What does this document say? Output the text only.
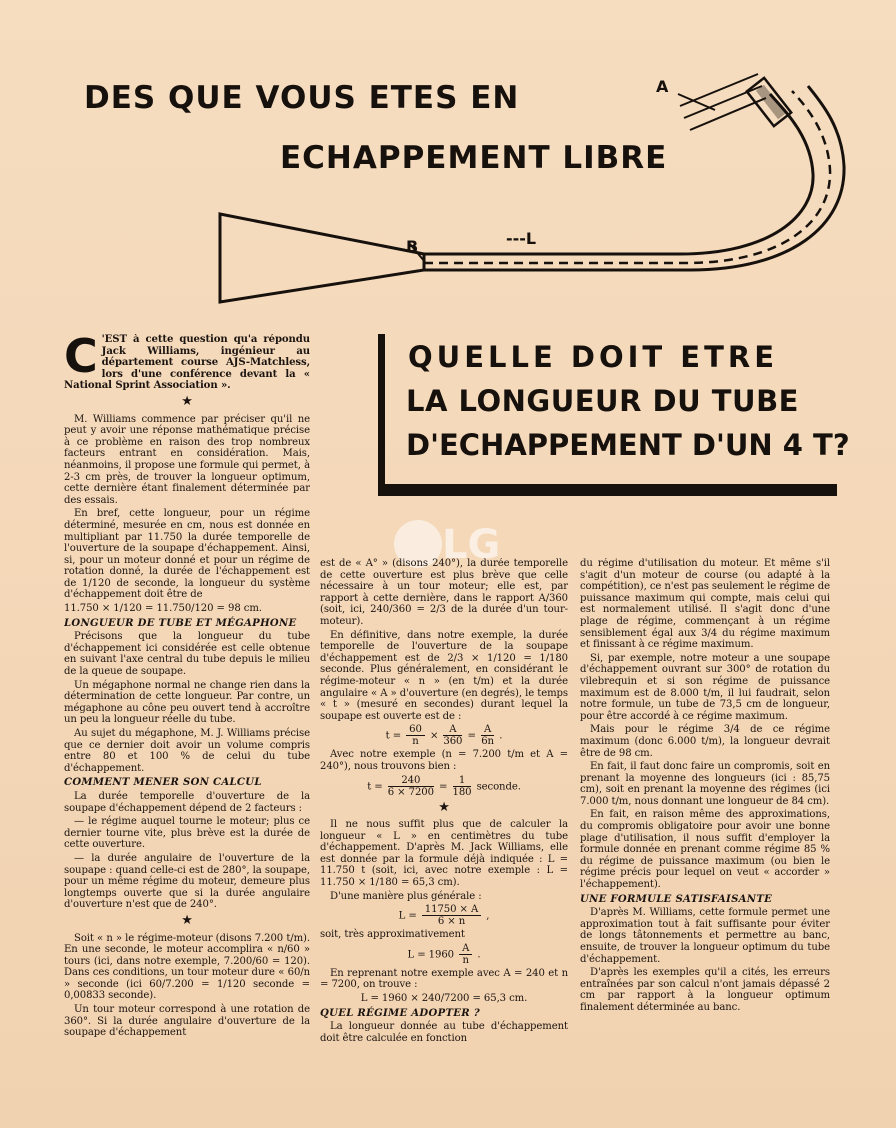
DES QUE VOUS ETES EN
ECHAPPEMENT LIBRE
A
B	---L
QUELLE DOIT ETRE
LA LONGUEUR DU TUBE
D'ECHAPPEMENT D'UN 4 T?
LG

C 'EST à cette question qu'a répondu Jack Williams, ingénieur au département course AJS-Matchless, lors d'une conférence devant la « National Sprint Association ».

★

M. Williams commence par préciser qu'il ne peut y avoir une réponse mathématique précise à ce problème en raison des trop nombreux facteurs entrant en considération. Mais, néanmoins, il propose une formule qui permet, à 2-3 cm près, de trouver la longueur optimum, cette dernière étant finalement déterminée par des essais.

En bref, cette longueur, pour un régime déterminé, mesurée en cm, nous est donnée en multipliant par 11.750 la durée temporelle de l'ouverture de la soupape d'échappement. Ainsi, si, pour un moteur donné et pour un régime de rotation donné, la durée de l'échappement est de 1/120 de seconde, la longueur du système d'échappement doit être de

11.750 × 1/120 = 11.750/120 = 98 cm.

LONGUEUR DE TUBE ET MÉGAPHONE

Précisons que la longueur du tube d'échappement ici considérée est celle obtenue en suivant l'axe central du tube depuis le milieu de la queue de soupape.

Un mégaphone normal ne change rien dans la détermination de cette longueur. Par contre, un mégaphone au cône peu ouvert tend à accroître un peu la longueur réelle du tube.

Au sujet du mégaphone, M. J. Williams précise que ce dernier doit avoir un volume compris entre 80 et 100 % de celui du tube d'échappement.

COMMENT MENER SON CALCUL

La durée temporelle d'ouverture de la soupape d'échappement dépend de 2 facteurs :

— le régime auquel tourne le moteur; plus ce dernier tourne vite, plus brève est la durée de cette ouverture.

— la durée angulaire de l'ouverture de la soupape : quand celle-ci est de 280°, la soupape, pour un même régime du moteur, demeure plus longtemps ouverte que si la durée angulaire d'ouverture n'est que de 240°.

★

Soit « n » le régime-moteur (disons 7.200 t/m). En une seconde, le moteur accomplira « n/60 » tours (ici, dans notre exemple, 7.200/60 = 120). Dans ces conditions, un tour moteur dure « 60/n » seconde (ici 60/7.200 = 1/120 seconde = 0,00833 seconde).

Un tour moteur correspond à une rotation de 360°. Si la durée angulaire d'ouverture de la soupape d'échappement

est de « A° » (disons 240°), la durée temporelle de cette ouverture est plus brève que celle nécessaire à un tour moteur; elle est, par rapport à cette dernière, dans le rapport A/360 (soit, ici, 240/360 = 2/3 de la durée d'un tour-moteur).

En définitive, dans notre exemple, la durée temporelle de l'ouverture de la soupape d'échappement est de 2/3 × 1/120 = 1/180 seconde. Plus généralement, en considérant le régime-moteur « n » (en t/m) et la durée angulaire « A » d'ouverture (en degrés), le temps « t » (mesuré en secondes) durant lequel la soupape est ouverte est de :

$t = \frac{60}{n} \times \frac{A}{360} = \frac{A}{6n}$ .

Avec notre exemple (n = 7.200 t/m et A = 240°), nous trouvons bien :

$t = \frac{240}{6 \times 7200} = \frac{1}{180}$ seconde.

★

Il ne nous suffit plus que de calculer la longueur « L » en centimètres du tube d'échappement. D'après M. Jack Williams, elle est donnée par la formule déjà indiquée : L = 11.750 t (soit, ici, avec notre exemple : L = 11.750 × 1/180 = 65,3 cm).

D'une manière plus générale :

$L = \frac{11750 \times A}{6 \times n}$ ,

soit, très approximativement

$L = 1960 \frac{A}{n}$ .

En reprenant notre exemple avec A = 240 et n = 7200, on trouve :

L = 1960 × 240/7200 = 65,3 cm.

QUEL RÉGIME ADOPTER ?

La longueur donnée au tube d'échappement doit être calculée en fonction

du régime d'utilisation du moteur. Et même s'il s'agit d'un moteur de course (ou adapté à la compétition), ce n'est pas seulement le régime de puissance maximum qui compte, mais celui qui est normalement utilisé. Il s'agit donc d'une plage de régime, commençant à un régime sensiblement égal aux 3/4 du régime maximum et finissant à ce régime maximum.

Si, par exemple, notre moteur a une soupape d'échappement ouvrant sur 300° de rotation du vilebrequin et si son régime de puissance maximum est de 8.000 t/m, il lui faudrait, selon notre formule, un tube de 73,5 cm de longueur, pour être accordé à ce régime maximum.

Mais pour le régime 3/4 de ce régime maximum (donc 6.000 t/m), la longueur devrait être de 98 cm.

En fait, il faut donc faire un compromis, soit en prenant la moyenne des longueurs (ici : 85,75 cm), soit en prenant la moyenne des régimes (ici 7.000 t/m, nous donnant une longueur de 84 cm).

En fait, en raison même des approximations, du compromis obligatoire pour avoir une bonne plage d'utilisation, il nous suffit d'employer la formule donnée en prenant comme régime 85 % du régime de puissance maximum (ou bien le régime précis pour lequel on veut « accorder » l'échappement).

UNE FORMULE SATISFAISANTE

D'après M. Williams, cette formule permet une approximation tout à fait suffisante pour éviter de longs tâtonnements et permettre au banc, ensuite, de trouver la longueur optimum du tube d'échappement.

D'après les exemples qu'il a cités, les erreurs entraînées par son calcul n'ont jamais dépassé 2 cm par rapport à la longueur optimum finalement déterminée au banc.
